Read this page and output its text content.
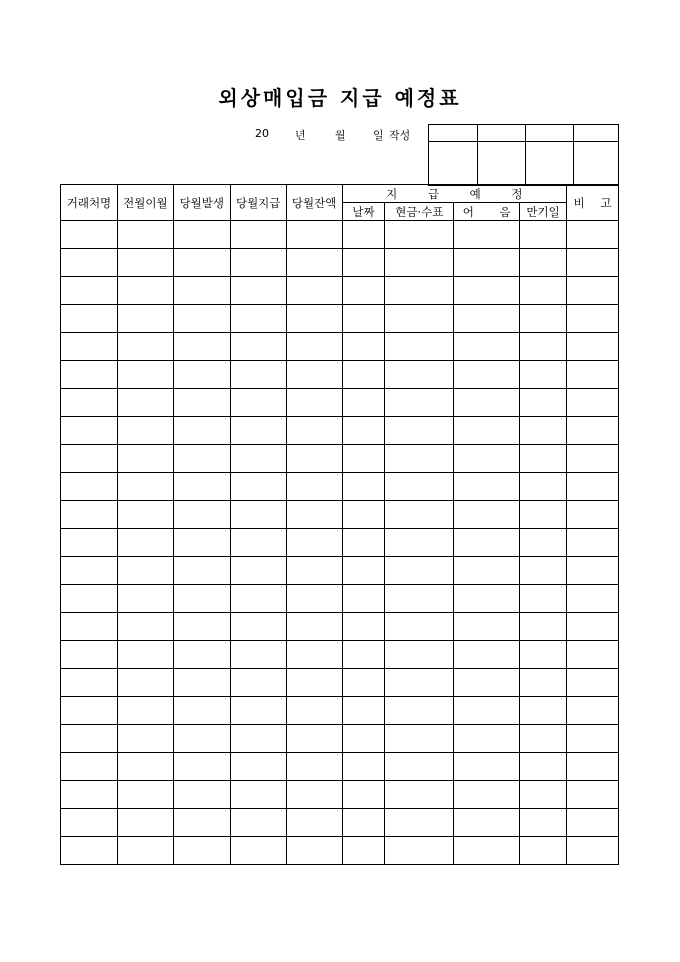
외상매입금 지급 예정표
20 년	월 일 작성

거래처명	전월이월	당월발생	당월지급	당월잔액	지 급 예 정				비 고
					날짜	현금·수표	어 음	만기일	
